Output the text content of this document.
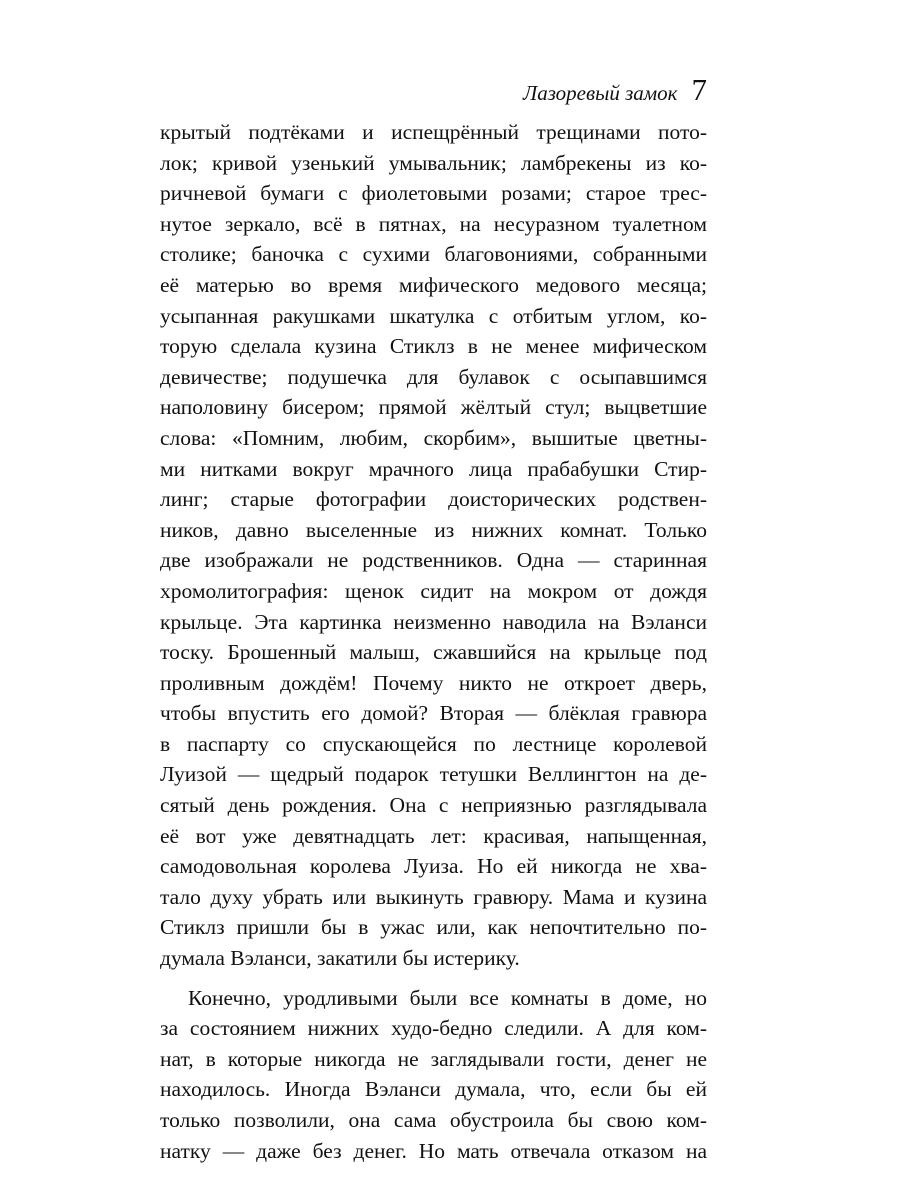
Лазоревый замок 7
крытый подтёками и испещрённый трещинами пото-
лок; кривой узенький умывальник; ламбрекены из ко-
ричневой бумаги с фиолетовыми розами; старое трес-
нутое зеркало, всё в пятнах, на несуразном туалетном
столике; баночка с сухими благовониями, собранными
её матерью во время мифического медового месяца;
усыпанная ракушками шкатулка с отбитым углом, ко-
торую сделала кузина Стиклз в не менее мифическом
девичестве; подушечка для булавок с осыпавшимся
наполовину бисером; прямой жёлтый стул; выцветшие
слова: «Помним, любим, скорбим», вышитые цветны-
ми нитками вокруг мрачного лица прабабушки Стир-
линг; старые фотографии доисторических родствен-
ников, давно выселенные из нижних комнат. Только
две изображали не родственников. Одна — старинная
хромолитография: щенок сидит на мокром от дождя
крыльце. Эта картинка неизменно наводила на Вэланси
тоску. Брошенный малыш, сжавшийся на крыльце под
проливным дождём! Почему никто не откроет дверь,
чтобы впустить его домой? Вторая — блёклая гравюра
в паспарту со спускающейся по лестнице королевой
Луизой — щедрый подарок тетушки Веллингтон на де-
сятый день рождения. Она с неприязнью разглядывала
её вот уже девятнадцать лет: красивая, напыщенная,
самодовольная королева Луиза. Но ей никогда не хва-
тало духу убрать или выкинуть гравюру. Мама и кузина
Стиклз пришли бы в ужас или, как непочтительно по-
думала Вэланси, закатили бы истерику.
Конечно, уродливыми были все комнаты в доме, но
за состоянием нижних худо-бедно следили. А для ком-
нат, в которые никогда не заглядывали гости, денег не
находилось. Иногда Вэланси думала, что, если бы ей
только позволили, она сама обустроила бы свою ком-
натку — даже без денег. Но мать отвечала отказом на
